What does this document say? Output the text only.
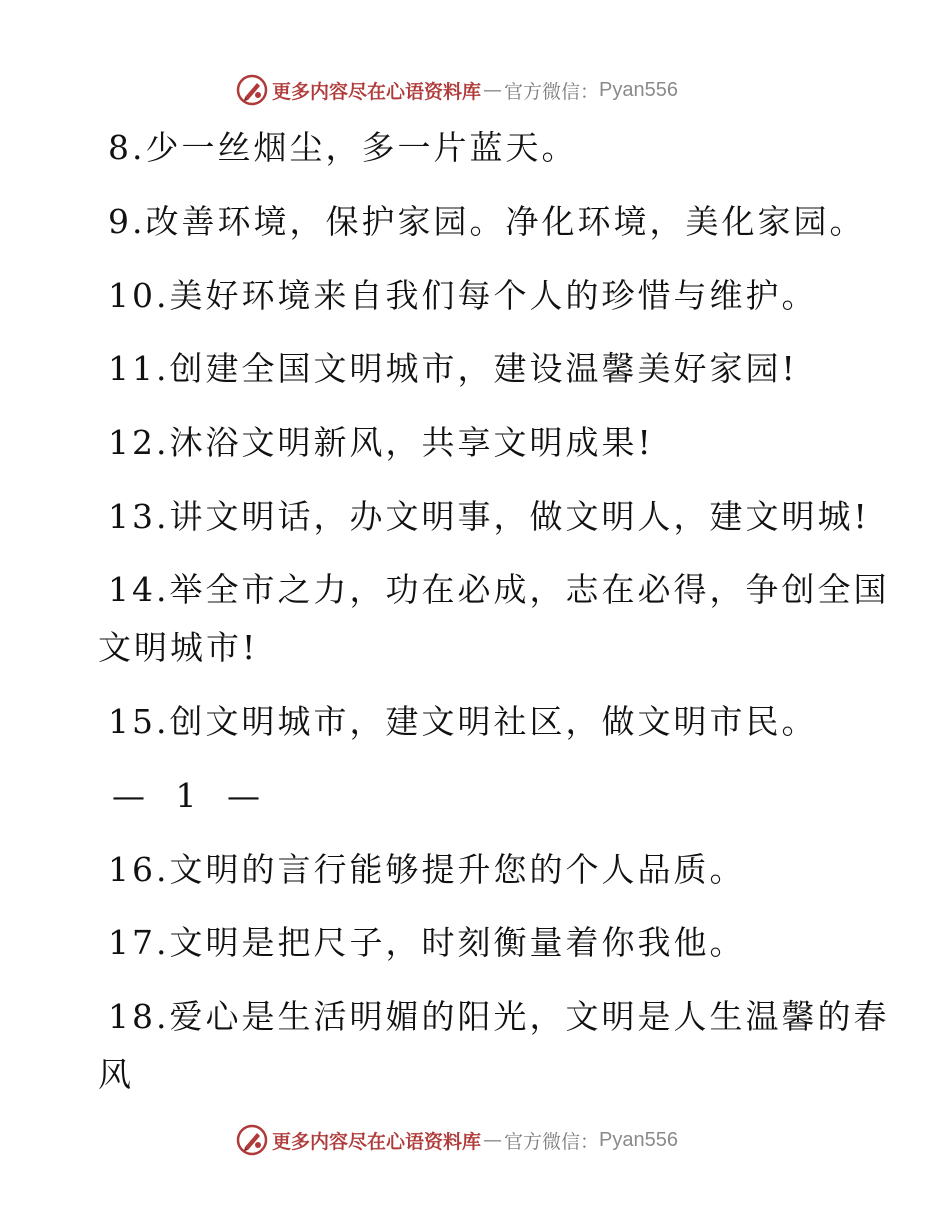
更多内容尽在心语资料库 — 官方微信： Pyan556
8.少一丝烟尘，多一片蓝天。
9.改善环境，保护家园。净化环境，美化家园。
10.美好环境来自我们每个人的珍惜与维护。
11.创建全国文明城市，建设温馨美好家园!
12.沐浴文明新风，共享文明成果!
13.讲文明话，办文明事，做文明人，建文明城!
14.举全市之力，功在必成，志在必得，争创全国
文明城市!
15.创文明城市，建文明社区，做文明市民。
— 1 —
16.文明的言行能够提升您的个人品质。
17.文明是把尺子，时刻衡量着你我他。
18.爱心是生活明媚的阳光，文明是人生温馨的春
风
更多内容尽在心语资料库 — 官方微信： Pyan556
